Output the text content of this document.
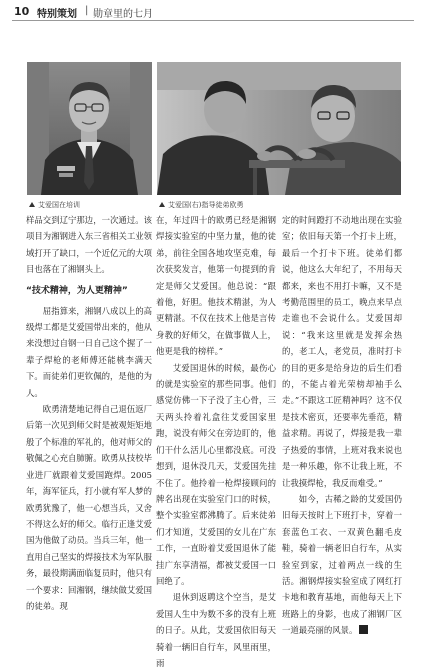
10 特别策划 | 勋章里的七月
艾爱国在培训	艾爱国(右)指导徒弟欧勇

样品交到辽宁那边，一次通过。该项目为湘钢进入东三省相关工业领域打开了缺口，一个近亿元的大项目也落在了湘钢头上。

“技术精神，为人更精神”

屈指算来，湘钢八成以上的高级焊工都是艾爱国带出来的，他从来没想过自钢一日自己这个握了一辈子焊枪的老师傅还能桃李满天下。而徒弟们更钦佩的，是他的为人。

欧勇清楚地记得自己退伍返厂后第一次见到师父时是被观矩矩地般了个标准的军礼的，他对师父的敬佩之心充自肺腑。欧勇从技校毕业进厂就跟着艾爱国跑焊。2005年，海军征兵，打小就有军人梦的欧勇犹豫了，他一心想当兵，又舍不得这么好的师父。临行正逢艾爱国为他做了动员。当兵三年，他一直用自己坚实的焊接技术为军队服务，最役期满面临复员时，他只有一个要求：回湘钢，继续做艾爱国的徒弟。现

在，年过四十的欧勇已经是湘钢焊接实验室的中坚力量，他的徒弟，前往全国各地攻坚克难，每次获奖发言，他第一句提到的肯定是师父艾爱国。他总说：“跟着他，好胆。他技术精湛，为人更精湛。不仅在技术上他是言传身教的好师父，在做事做人上，他更是我的榜样。”

艾爱国退休的时候，最伤心的就是实验室的那些同事。他们感觉仿佛一下子没了主心骨，三天两头拎着礼盒往艾爱国家里跑，说没有师父在旁边盯的，他们干什么活儿心里都没底。可没想到，退休没几天，艾爱国先挂不住了。他拎着一枪焊接顾问的牌名出现在实验室门口的时候，整个实验室都沸腾了。后来徒弟们才知道，艾爱国的女儿在广东工作，一直盼着艾爱国退休了能挂广东享清福，都被艾爱国一口回绝了。

退休到返聘这个空当，是艾爱国人生中为数不多的没有上班的日子。从此，艾爱国依旧每天骑着一辆旧自行车，风里雨里，雨

定的时间蹬打不动地出现在实验室；依旧每天第一个打卡上班，最后一个打卡下班。徒弟们都说，他这么大年纪了，不用每天都来，来也不用打卡嘛，又不是考勤范围里的员工，晚点来早点走谁也不会说什么。艾爱国却说：“我来这里就是发挥余热的，老工人，老党员，准时打卡的目的更多是给身边的后生们看的，不能占着光荣榜却袖手么走。”不跟这工匠精神吗？这不仅是技术密页，还要率先垂范，精益求精。再说了，焊接是我一辈子热爱的事情，上班对我来说也是一种乐趣，你不让我上班，不让我摸焊枪，我反而难受。”

如今，古稀之龄的艾爱国仍旧每天按时上下班打卡，穿着一套蓝色工衣、一双黄色翻毛皮鞋，骑着一辆老旧自行车，从实验室到家，过着两点一线的生活。湘钢焊接实验室成了网红打卡地和教育基地，而他每天上下班路上的身影，也成了湘钢厂区一道最亮丽的风景。
